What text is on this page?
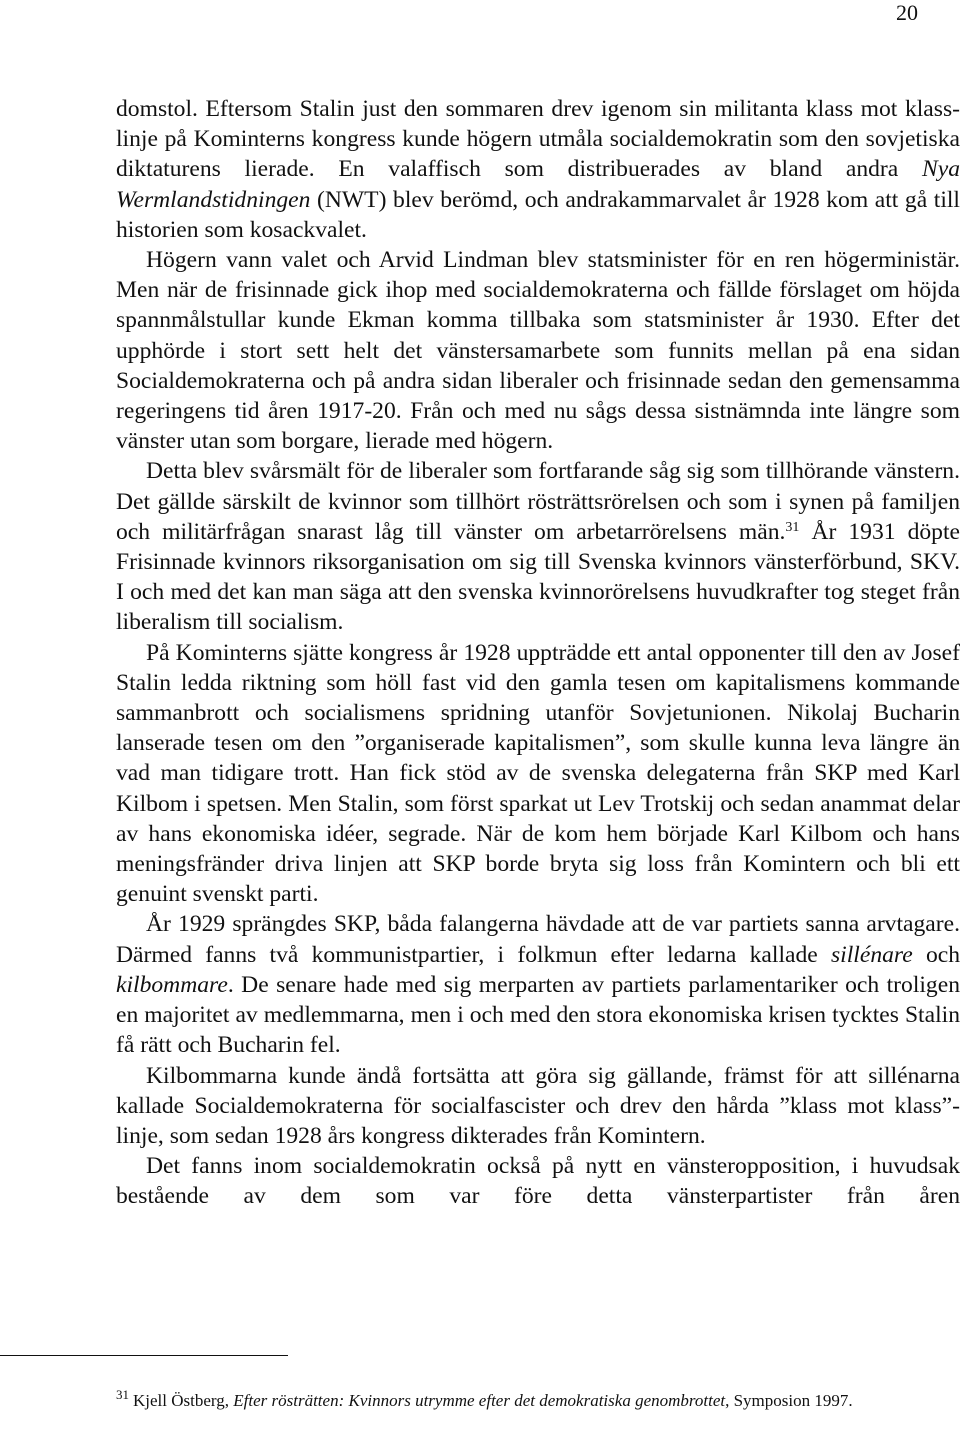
20

domstol. Eftersom Stalin just den sommaren drev igenom sin militanta klass mot klass-linje på Kominterns kongress kunde högern utmåla socialdemokratin som den sovjetiska diktaturens lierade. En valaffisch som distribuerades av bland andra Nya Wermlandstidningen (NWT) blev berömd, och andrakammarvalet år 1928 kom att gå till historien som kosackvalet.

Högern vann valet och Arvid Lindman blev statsminister för en ren högerministär. Men när de frisinnade gick ihop med socialdemokraterna och fällde förslaget om höjda spannmålstullar kunde Ekman komma tillbaka som statsminister år 1930. Efter det upphörde i stort sett helt det vänstersamarbete som funnits mellan på ena sidan Socialdemokraterna och på andra sidan liberaler och frisinnade sedan den gemensamma regeringens tid åren 1917-20. Från och med nu sågs dessa sistnämnda inte längre som vänster utan som borgare, lierade med högern.

Detta blev svårsmält för de liberaler som fortfarande såg sig som tillhörande vänstern. Det gällde särskilt de kvinnor som tillhört rösträttsrörelsen och som i synen på familjen och militärfrågan snarast låg till vänster om arbetarrörelsens män.$^{31}$ År 1931 döpte Frisinnade kvinnors riksorganisation om sig till Svenska kvinnors vänsterförbund, SKV. I och med det kan man säga att den svenska kvinnorörelsens huvudkrafter tog steget från liberalism till socialism.

På Kominterns sjätte kongress år 1928 uppträdde ett antal opponenter till den av Josef Stalin ledda riktning som höll fast vid den gamla tesen om kapitalismens kommande sammanbrott och socialismens spridning utanför Sovjetunionen. Nikolaj Bucharin lanserade tesen om den ”organiserade kapitalismen”, som skulle kunna leva längre än vad man tidigare trott. Han fick stöd av de svenska delegaterna från SKP med Karl Kilbom i spetsen. Men Stalin, som först sparkat ut Lev Trotskij och sedan anammat delar av hans ekonomiska idéer, segrade. När de kom hem började Karl Kilbom och hans meningsfränder driva linjen att SKP borde bryta sig loss från Komintern och bli ett genuint svenskt parti.

År 1929 sprängdes SKP, båda falangerna hävdade att de var partiets sanna arvtagare. Därmed fanns två kommunistpartier, i folkmun efter ledarna kallade sillénare och kilbommare. De senare hade med sig merparten av partiets parlamentariker och troligen en majoritet av medlemmarna, men i och med den stora ekonomiska krisen tycktes Stalin få rätt och Bucharin fel.

Kilbommarna kunde ändå fortsätta att göra sig gällande, främst för att sillénarna kallade Socialdemokraterna för socialfascister och drev den hårda ”klass mot klass”-linje, som sedan 1928 års kongress dikterades från Komintern.

Det fanns inom socialdemokratin också på nytt en vänsteropposition, i huvudsak bestående av dem som var före detta vänsterpartister från åren

$^{31}$ Kjell Östberg, Efter rösträtten: Kvinnors utrymme efter det demokratiska genombrottet, Symposion 1997.
